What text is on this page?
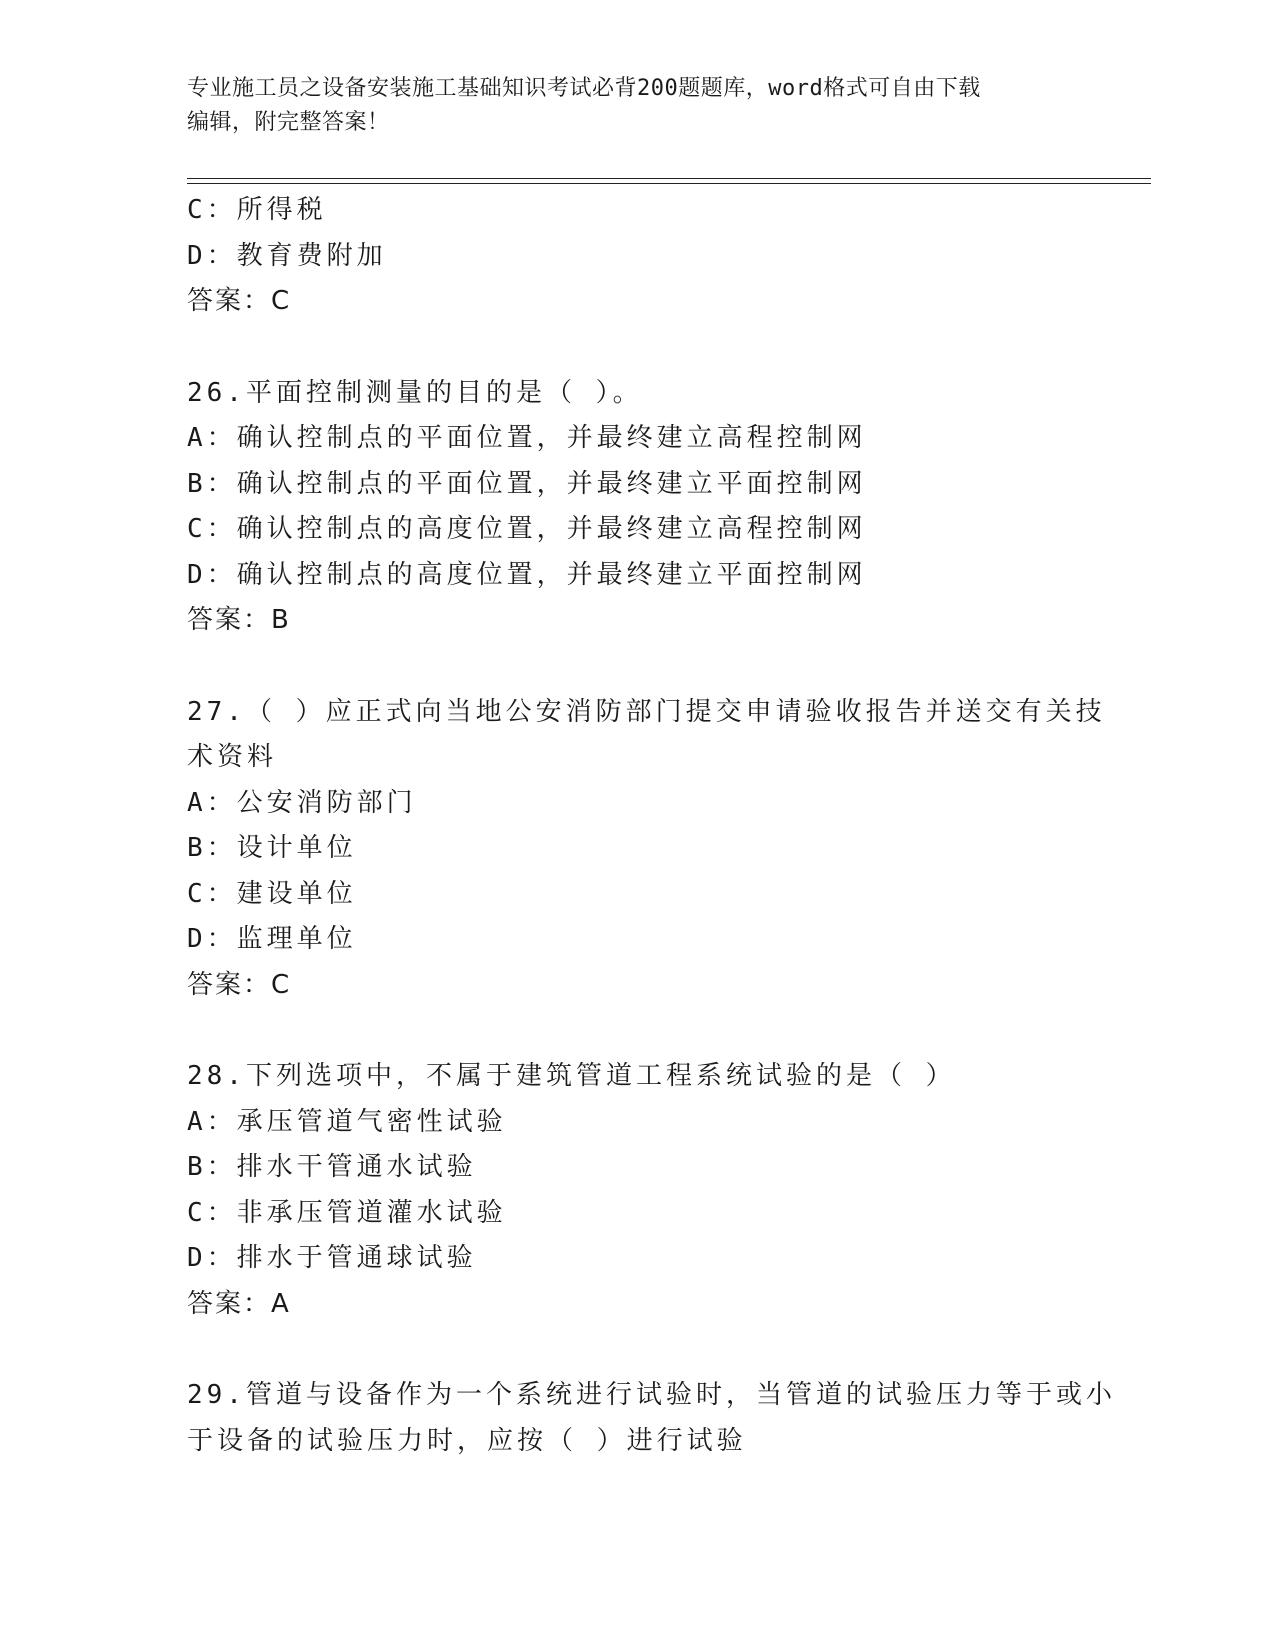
专业施工员之设备安装施工基础知识考试必背200题题库，word格式可自由下载
编辑，附完整答案！
C：所得税
D：教育费附加
答案：C
26.平面控制测量的目的是（ ）。
A：确认控制点的平面位置，并最终建立高程控制网
B：确认控制点的平面位置，并最终建立平面控制网
C：确认控制点的高度位置，并最终建立高程控制网
D：确认控制点的高度位置，并最终建立平面控制网
答案：B
27.（ ）应正式向当地公安消防部门提交申请验收报告并送交有关技
术资料
A：公安消防部门
B：设计单位
C：建设单位
D：监理单位
答案：C
28.下列选项中，不属于建筑管道工程系统试验的是（ ）
A：承压管道气密性试验
B：排水干管通水试验
C：非承压管道灌水试验
D：排水于管通球试验
答案：A
29.管道与设备作为一个系统进行试验时，当管道的试验压力等于或小
于设备的试验压力时，应按（ ）进行试验
